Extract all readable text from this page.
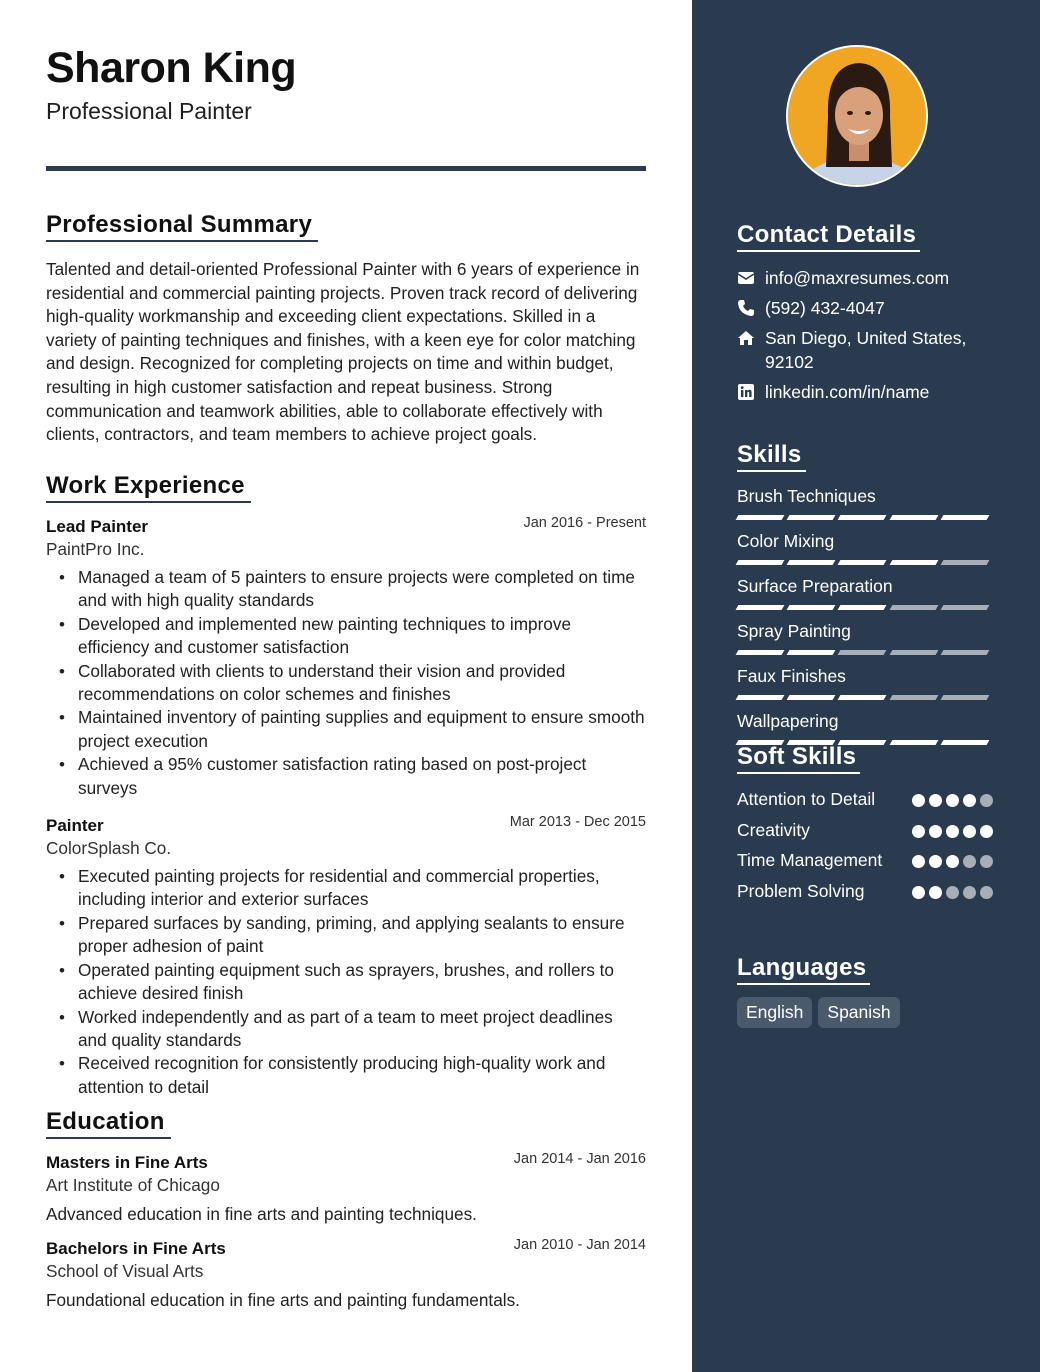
Sharon King
Professional Painter
Professional Summary

Talented and detail-oriented Professional Painter with 6 years of experience in residential and commercial painting projects. Proven track record of delivering high-quality workmanship and exceeding client expectations. Skilled in a variety of painting techniques and finishes, with a keen eye for color matching and design. Recognized for completing projects on time and within budget, resulting in high customer satisfaction and repeat business. Strong communication and teamwork abilities, able to collaborate effectively with clients, contractors, and team members to achieve project goals.

Work Experience
Lead Painter	Jan 2016 - Present
PaintPro Inc.
• Managed a team of 5 painters to ensure projects were completed on time and with high quality standards
• Developed and implemented new painting techniques to improve efficiency and customer satisfaction
• Collaborated with clients to understand their vision and provided recommendations on color schemes and finishes
• Maintained inventory of painting supplies and equipment to ensure smooth project execution
• Achieved a 95% customer satisfaction rating based on post-project surveys
Painter	Mar 2013 - Dec 2015
ColorSplash Co.
• Executed painting projects for residential and commercial properties, including interior and exterior surfaces
• Prepared surfaces by sanding, priming, and applying sealants to ensure proper adhesion of paint
• Operated painting equipment such as sprayers, brushes, and rollers to achieve desired finish
• Worked independently and as part of a team to meet project deadlines and quality standards
• Received recognition for consistently producing high-quality work and attention to detail
Education
Masters in Fine Arts	Jan 2014 - Jan 2016
Art Institute of Chicago
Advanced education in fine arts and painting techniques.
Bachelors in Fine Arts	Jan 2010 - Jan 2014
School of Visual Arts
Foundational education in fine arts and painting fundamentals.
Contact Details
info@maxresumes.com
(592) 432-4047
San Diego, United States, 92102
linkedin.com/in/name
Skills
Brush Techniques
Color Mixing
Surface Preparation
Spray Painting
Faux Finishes
Wallpapering
Soft Skills
Attention to Detail
Creativity
Time Management
Problem Solving
Languages
English	Spanish
